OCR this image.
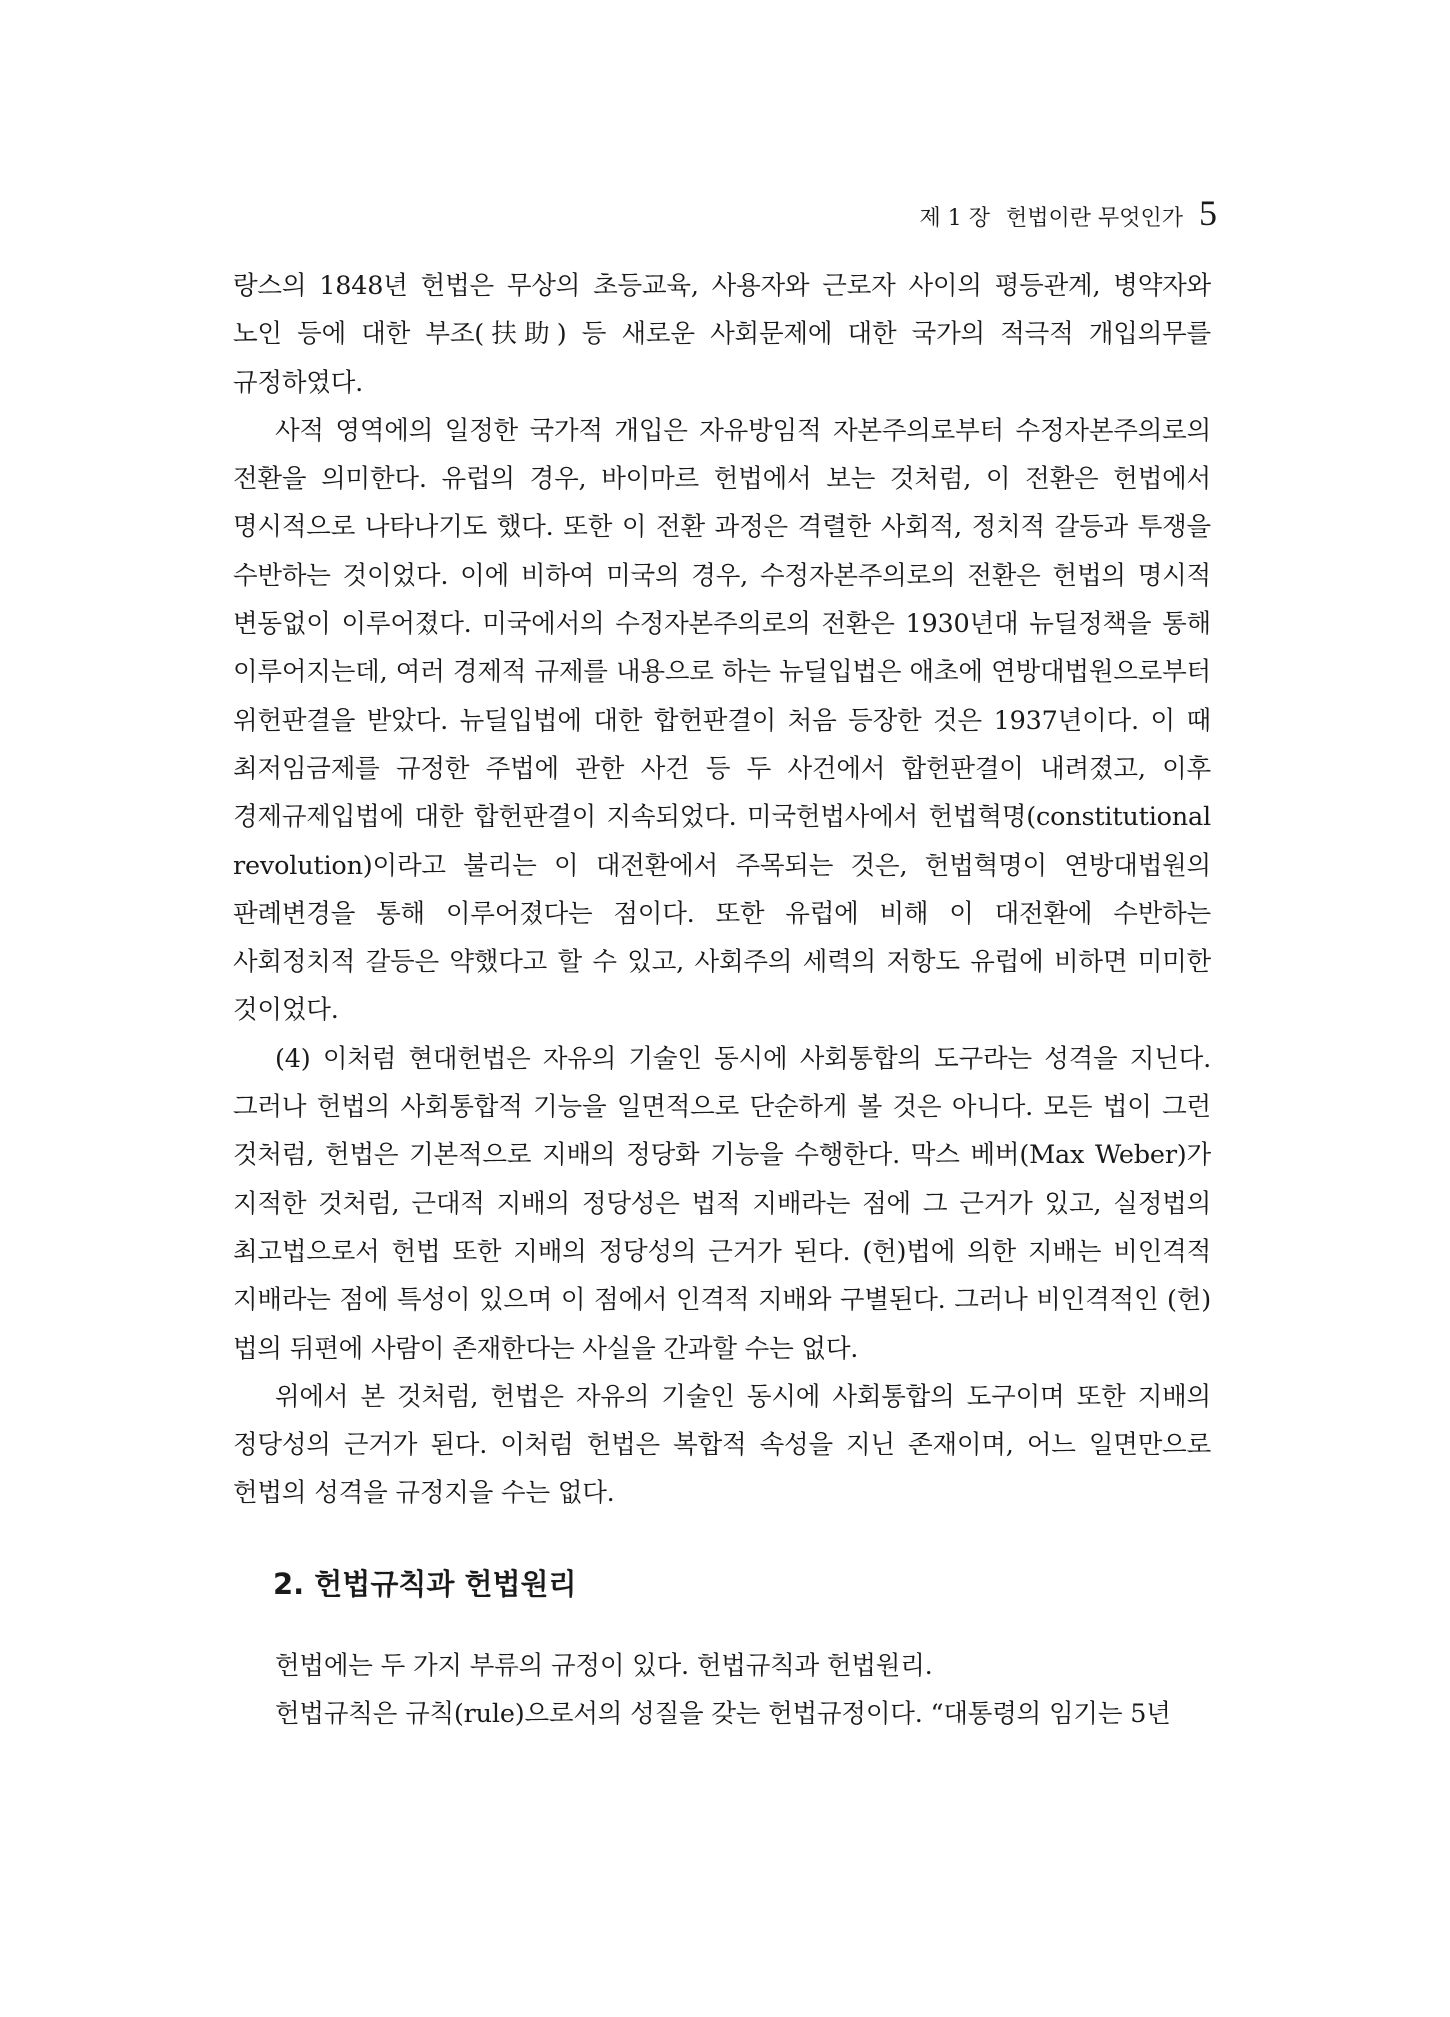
제 1 장 헌법이란 무엇인가 5

랑스의 1848년 헌법은 무상의 초등교육, 사용자와 근로자 사이의 평등관계, 병약자와 노인 등에 대한 부조(扶助) 등 새로운 사회문제에 대한 국가의 적극적 개입의무를 규정하였다.

사적 영역에의 일정한 국가적 개입은 자유방임적 자본주의로부터 수정자본주의로의 전환을 의미한다. 유럽의 경우, 바이마르 헌법에서 보는 것처럼, 이 전환은 헌법에서 명시적으로 나타나기도 했다. 또한 이 전환 과정은 격렬한 사회적, 정치적 갈등과 투쟁을 수반하는 것이었다. 이에 비하여 미국의 경우, 수정자본주의로의 전환은 헌법의 명시적 변동없이 이루어졌다. 미국에서의 수정자본주의로의 전환은 1930년대 뉴딜정책을 통해 이루어지는데, 여러 경제적 규제를 내용으로 하는 뉴딜입법은 애초에 연방대법원으로부터 위헌판결을 받았다. 뉴딜입법에 대한 합헌판결이 처음 등장한 것은 1937년이다. 이 때 최저임금제를 규정한 주법에 관한 사건 등 두 사건에서 합헌판결이 내려졌고, 이후 경제규제입법에 대한 합헌판결이 지속되었다. 미국헌법사에서 헌법혁명(constitutional revolution)이라고 불리는 이 대전환에서 주목되는 것은, 헌법혁명이 연방대법원의 판례변경을 통해 이루어졌다는 점이다. 또한 유럽에 비해 이 대전환에 수반하는 사회정치적 갈등은 약했다고 할 수 있고, 사회주의 세력의 저항도 유럽에 비하면 미미한 것이었다.

(4) 이처럼 현대헌법은 자유의 기술인 동시에 사회통합의 도구라는 성격을 지닌다. 그러나 헌법의 사회통합적 기능을 일면적으로 단순하게 볼 것은 아니다. 모든 법이 그런 것처럼, 헌법은 기본적으로 지배의 정당화 기능을 수행한다. 막스 베버(Max Weber)가 지적한 것처럼, 근대적 지배의 정당성은 법적 지배라는 점에 그 근거가 있고, 실정법의 최고법으로서 헌법 또한 지배의 정당성의 근거가 된다. (헌)법에 의한 지배는 비인격적 지배라는 점에 특성이 있으며 이 점에서 인격적 지배와 구별된다. 그러나 비인격적인 (헌)법의 뒤편에 사람이 존재한다는 사실을 간과할 수는 없다.

위에서 본 것처럼, 헌법은 자유의 기술인 동시에 사회통합의 도구이며 또한 지배의 정당성의 근거가 된다. 이처럼 헌법은 복합적 속성을 지닌 존재이며, 어느 일면만으로 헌법의 성격을 규정지을 수는 없다.

2. 헌법규칙과 헌법원리

헌법에는 두 가지 부류의 규정이 있다. 헌법규칙과 헌법원리.

헌법규칙은 규칙(rule)으로서의 성질을 갖는 헌법규정이다. “대통령의 임기는 5년
